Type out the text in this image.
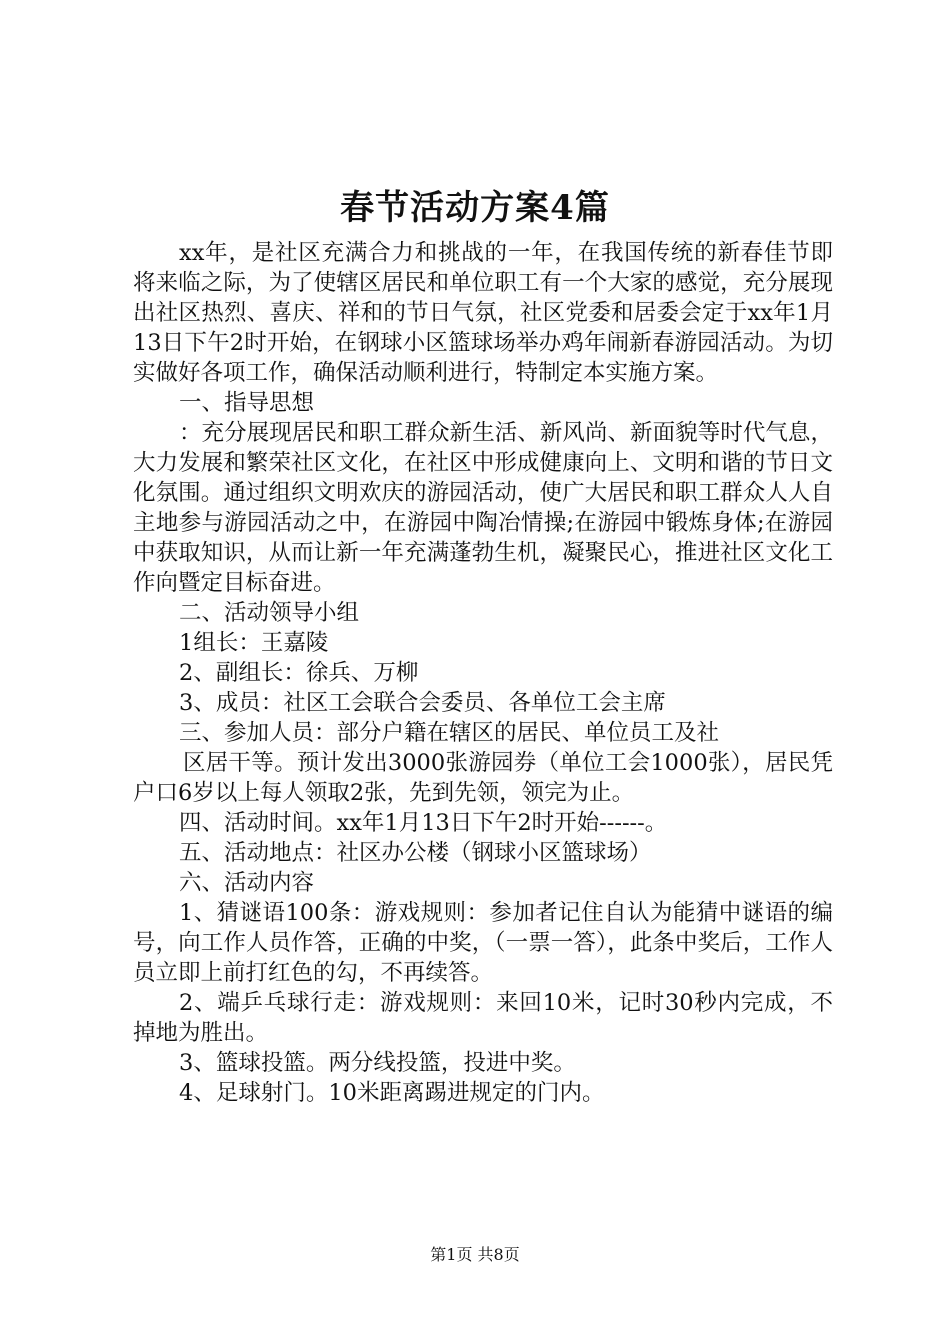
春节活动方案4篇

xx年，是社区充满合力和挑战的一年，在我国传统的新春佳节即将来临之际，为了使辖区居民和单位职工有一个大家的感觉，充分展现出社区热烈、喜庆、祥和的节日气氛，社区党委和居委会定于xx年1月13日下午2时开始，在钢球小区篮球场举办鸡年闹新春游园活动。为切实做好各项工作，确保活动顺利进行，特制定本实施方案。

一、指导思想

：充分展现居民和职工群众新生活、新风尚、新面貌等时代气息，大力发展和繁荣社区文化，在社区中形成健康向上、文明和谐的节日文化氛围。通过组织文明欢庆的游园活动，使广大居民和职工群众人人自主地参与游园活动之中，在游园中陶冶情操;在游园中锻炼身体;在游园中获取知识，从而让新一年充满蓬勃生机，凝聚民心，推进社区文化工作向暨定目标奋进。

二、活动领导小组

1组长：王嘉陵

2、副组长：徐兵、万柳

3、成员：社区工会联合会委员、各单位工会主席

三、参加人员：部分户籍在辖区的居民、单位员工及社

区居干等。预计发出3000张游园券（单位工会1000张），居民凭户口6岁以上每人领取2张，先到先领，领完为止。

四、活动时间。xx年1月13日下午2时开始------。

五、活动地点：社区办公楼（钢球小区篮球场）

六、活动内容

1、猜谜语100条：游戏规则：参加者记住自认为能猜中谜语的编号，向工作人员作答，正确的中奖，（一票一答），此条中奖后，工作人员立即上前打红色的勾，不再续答。

2、端乒乓球行走：游戏规则：来回10米，记时30秒内完成，不掉地为胜出。

3、篮球投篮。两分线投篮，投进中奖。

4、足球射门。10米距离踢进规定的门内。

第1页 共8页
